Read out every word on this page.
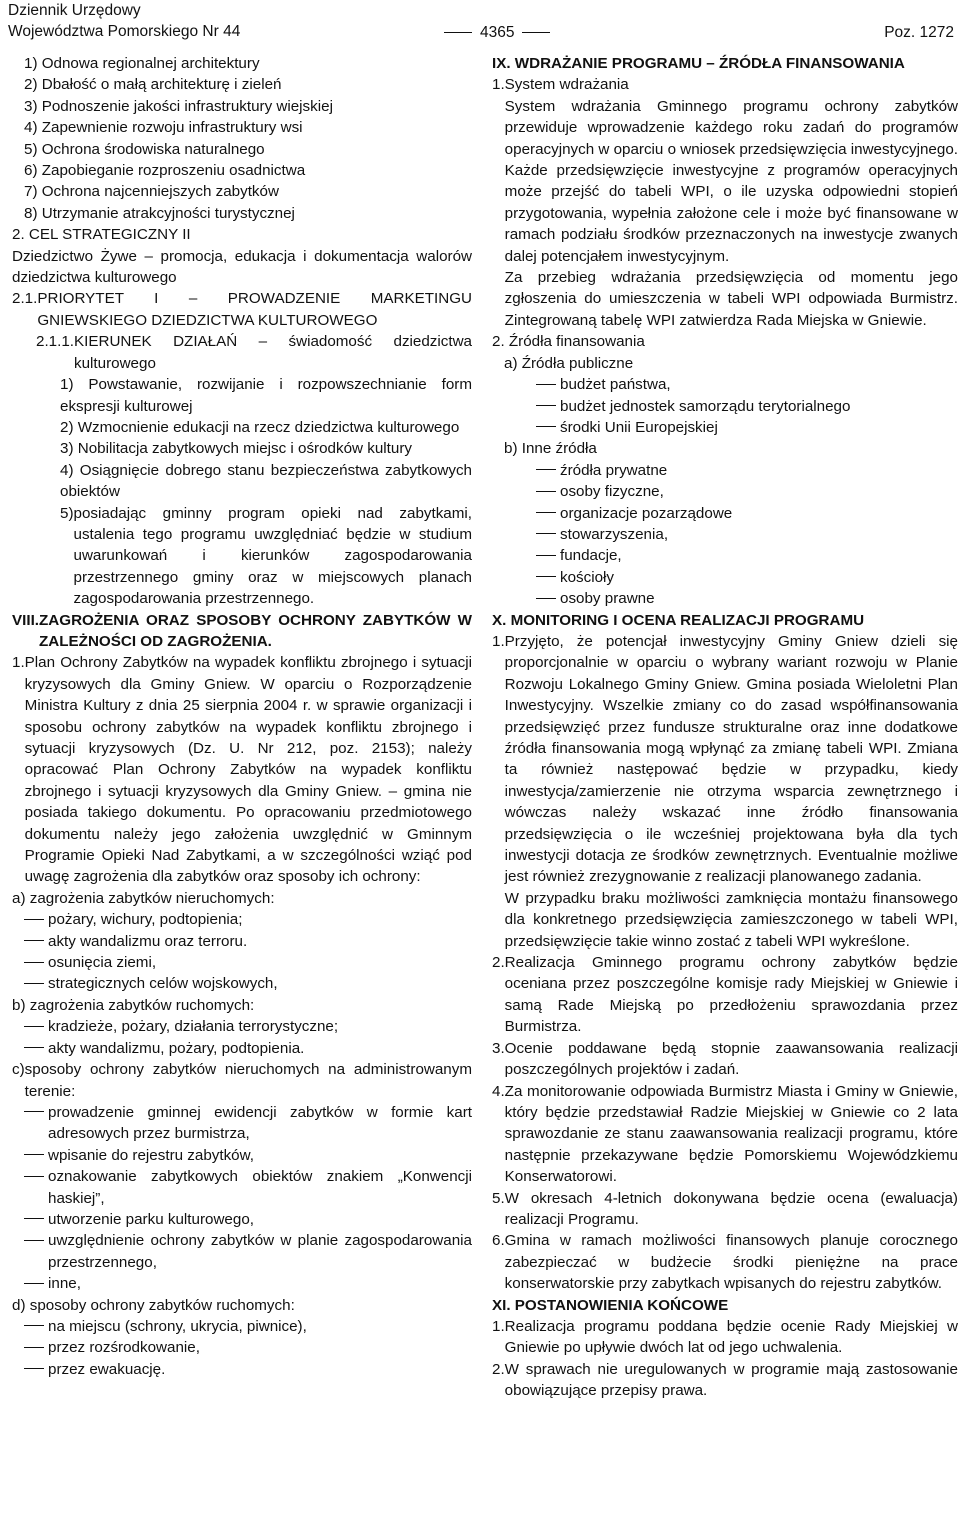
Dziennik Urzędowy
Województwa Pomorskiego Nr 44	4365	Poz. 1272

1) Odnowa regionalnej architektury

2) Dbałość o małą architekturę i zieleń

3) Podnoszenie jakości infrastruktury wiejskiej

4) Zapewnienie rozwoju infrastruktury wsi

5) Ochrona środowiska naturalnego

6) Zapobieganie rozproszeniu osadnictwa

7) Ochrona najcenniejszych zabytków

8) Utrzymanie atrakcyjności turystycznej

2. CEL STRATEGICZNY II

Dziedzictwo Żywe – promocja, edukacja i dokumentacja walorów dziedzictwa kulturowego

2.1. PRIORYTET I – PROWADZENIE MARKETINGU GNIEWSKIEGO DZIEDZICTWA KULTUROWEGO
2.1.1. KIERUNEK DZIAŁAŃ – świadomość dziedzictwa kulturowego

1) Powstawanie, rozwijanie i rozpowszechnianie form ekspresji kulturowej

2) Wzmocnienie edukacji na rzecz dziedzictwa kulturowego

3) Nobilitacja zabytkowych miejsc i ośrodków kultury

4) Osiągnięcie dobrego stanu bezpieczeństwa zabytkowych obiektów

5) posiadając gminny program opieki nad zabytkami, ustalenia tego programu uwzględniać będzie w studium uwarunkowań i kierunków zagospodarowania przestrzennego gminy oraz w miejscowych planach zagospodarowania przestrzennego.
VIII. ZAGROŻENIA ORAZ SPOSOBY OCHRONY ZABYTKÓW W ZALEŻNOŚCI OD ZAGROŻENIA.
1. Plan Ochrony Zabytków na wypadek konfliktu zbrojnego i sytuacji kryzysowych dla Gminy Gniew. W oparciu o Rozporządzenie Ministra Kultury z dnia 25 sierpnia 2004 r. w sprawie organizacji i sposobu ochrony zabytków na wypadek konfliktu zbrojnego i sytuacji kryzysowych (Dz. U. Nr 212, poz. 2153); należy opracować Plan Ochrony Zabytków na wypadek konfliktu zbrojnego i sytuacji kryzysowych dla Gminy Gniew. – gmina nie posiada takiego dokumentu. Po opracowaniu przedmiotowego dokumentu należy jego założenia uwzględnić w Gminnym Programie Opieki Nad Zabytkami, a w szczególności wziąć pod uwagę zagrożenia dla zabytków oraz sposoby ich ochrony:

a) zagrożenia zabytków nieruchomych:

pożary, wichury, podtopienia;
akty wandalizmu oraz terroru.
osunięcia ziemi,
strategicznych celów wojskowych,

b) zagrożenia zabytków ruchomych:

kradzieże, pożary, działania terrorystyczne;
akty wandalizmu, pożary, podtopienia.
c) sposoby ochrony zabytków nieruchomych na administrowanym terenie:
prowadzenie gminnej ewidencji zabytków w formie kart adresowych przez burmistrza,
wpisanie do rejestru zabytków,
oznakowanie zabytkowych obiektów znakiem „Konwencji haskiej”,
utworzenie parku kulturowego,
uwzględnienie ochrony zabytków w planie zagospodarowania przestrzennego,
inne,

d) sposoby ochrony zabytków ruchomych:

na miejscu (schrony, ukrycia, piwnice),
przez rozśrodkowanie,
przez ewakuację.

IX. WDRAŻANIE PROGRAMU – ŹRÓDŁA FINANSOWANIA

1. System wdrażania

System wdrażania Gminnego programu ochrony zabytków przewiduje wprowadzenie każdego roku zadań do programów operacyjnych w oparciu o wniosek przedsięwzięcia inwestycyjnego.

Każde przedsięwzięcie inwestycyjne z programów operacyjnych może przejść do tabeli WPI, o ile uzyska odpowiedni stopień przygotowania, wypełnia założone cele i może być finansowane w ramach podziału środków przeznaczonych na inwestycje zwanych dalej potencjałem inwestycyjnym.

Za przebieg wdrażania przedsięwzięcia od momentu jego zgłoszenia do umieszczenia w tabeli WPI odpowiada Burmistrz. Zintegrowaną tabelę WPI zatwierdza Rada Miejska w Gniewie.

2. Źródła finansowania

a) Źródła publiczne

budżet państwa,
budżet jednostek samorządu terytorialnego
środki Unii Europejskiej

b) Inne źródła

źródła prywatne
osoby fizyczne,
organizacje pozarządowe
stowarzyszenia,
fundacje,
kościoły
osoby prawne

X. MONITORING I OCENA REALIZACJI PROGRAMU

1. Przyjęto, że potencjał inwestycyjny Gminy Gniew dzieli się proporcjonalnie w oparciu o wybrany wariant rozwoju w Planie Rozwoju Lokalnego Gminy Gniew. Gmina posiada Wieloletni Plan Inwestycyjny. Wszelkie zmiany co do zasad współfinansowania przedsięwzięć przez fundusze strukturalne oraz inne dodatkowe źródła finansowania mogą wpłynąć za zmianę tabeli WPI. Zmiana ta również następować będzie w przypadku, kiedy inwestycja/zamierzenie nie otrzyma wsparcia zewnętrznego i wówczas należy wskazać inne źródło finansowania przedsięwzięcia o ile wcześniej projektowana była dla tych inwestycji dotacja ze środków zewnętrznych. Eventualnie możliwe jest również zrezygnowanie z realizacji planowanego zadania.

W przypadku braku możliwości zamknięcia montażu finansowego dla konkretnego przedsięwzięcia zamieszczonego w tabeli WPI, przedsięwzięcie takie winno zostać z tabeli WPI wykreślone.

2. Realizacja Gminnego programu ochrony zabytków będzie oceniana przez poszczególne komisje rady Miejskiej w Gniewie i samą Rade Miejską po przedłożeniu sprawozdania przez Burmistrza.
3. Ocenie poddawane będą stopnie zaawansowania realizacji poszczególnych projektów i zadań.
4. Za monitorowanie odpowiada Burmistrz Miasta i Gminy w Gniewie, który będzie przedstawiał Radzie Miejskiej w Gniewie co 2 lata sprawozdanie ze stanu zaawansowania realizacji programu, które następnie przekazywane będzie Pomorskiemu Wojewódzkiemu Konserwatorowi.
5. W okresach 4-letnich dokonywana będzie ocena (ewaluacja) realizacji Programu.
6. Gmina w ramach możliwości finansowych planuje corocznego zabezpieczać w budżecie środki pieniężne na prace konserwatorskie przy zabytkach wpisanych do rejestru zabytków.

XI. POSTANOWIENIA KOŃCOWE

1. Realizacja programu poddana będzie ocenie Rady Miejskiej w Gniewie po upływie dwóch lat od jego uchwalenia.
2. W sprawach nie uregulowanych w programie mają zastosowanie obowiązujące przepisy prawa.
